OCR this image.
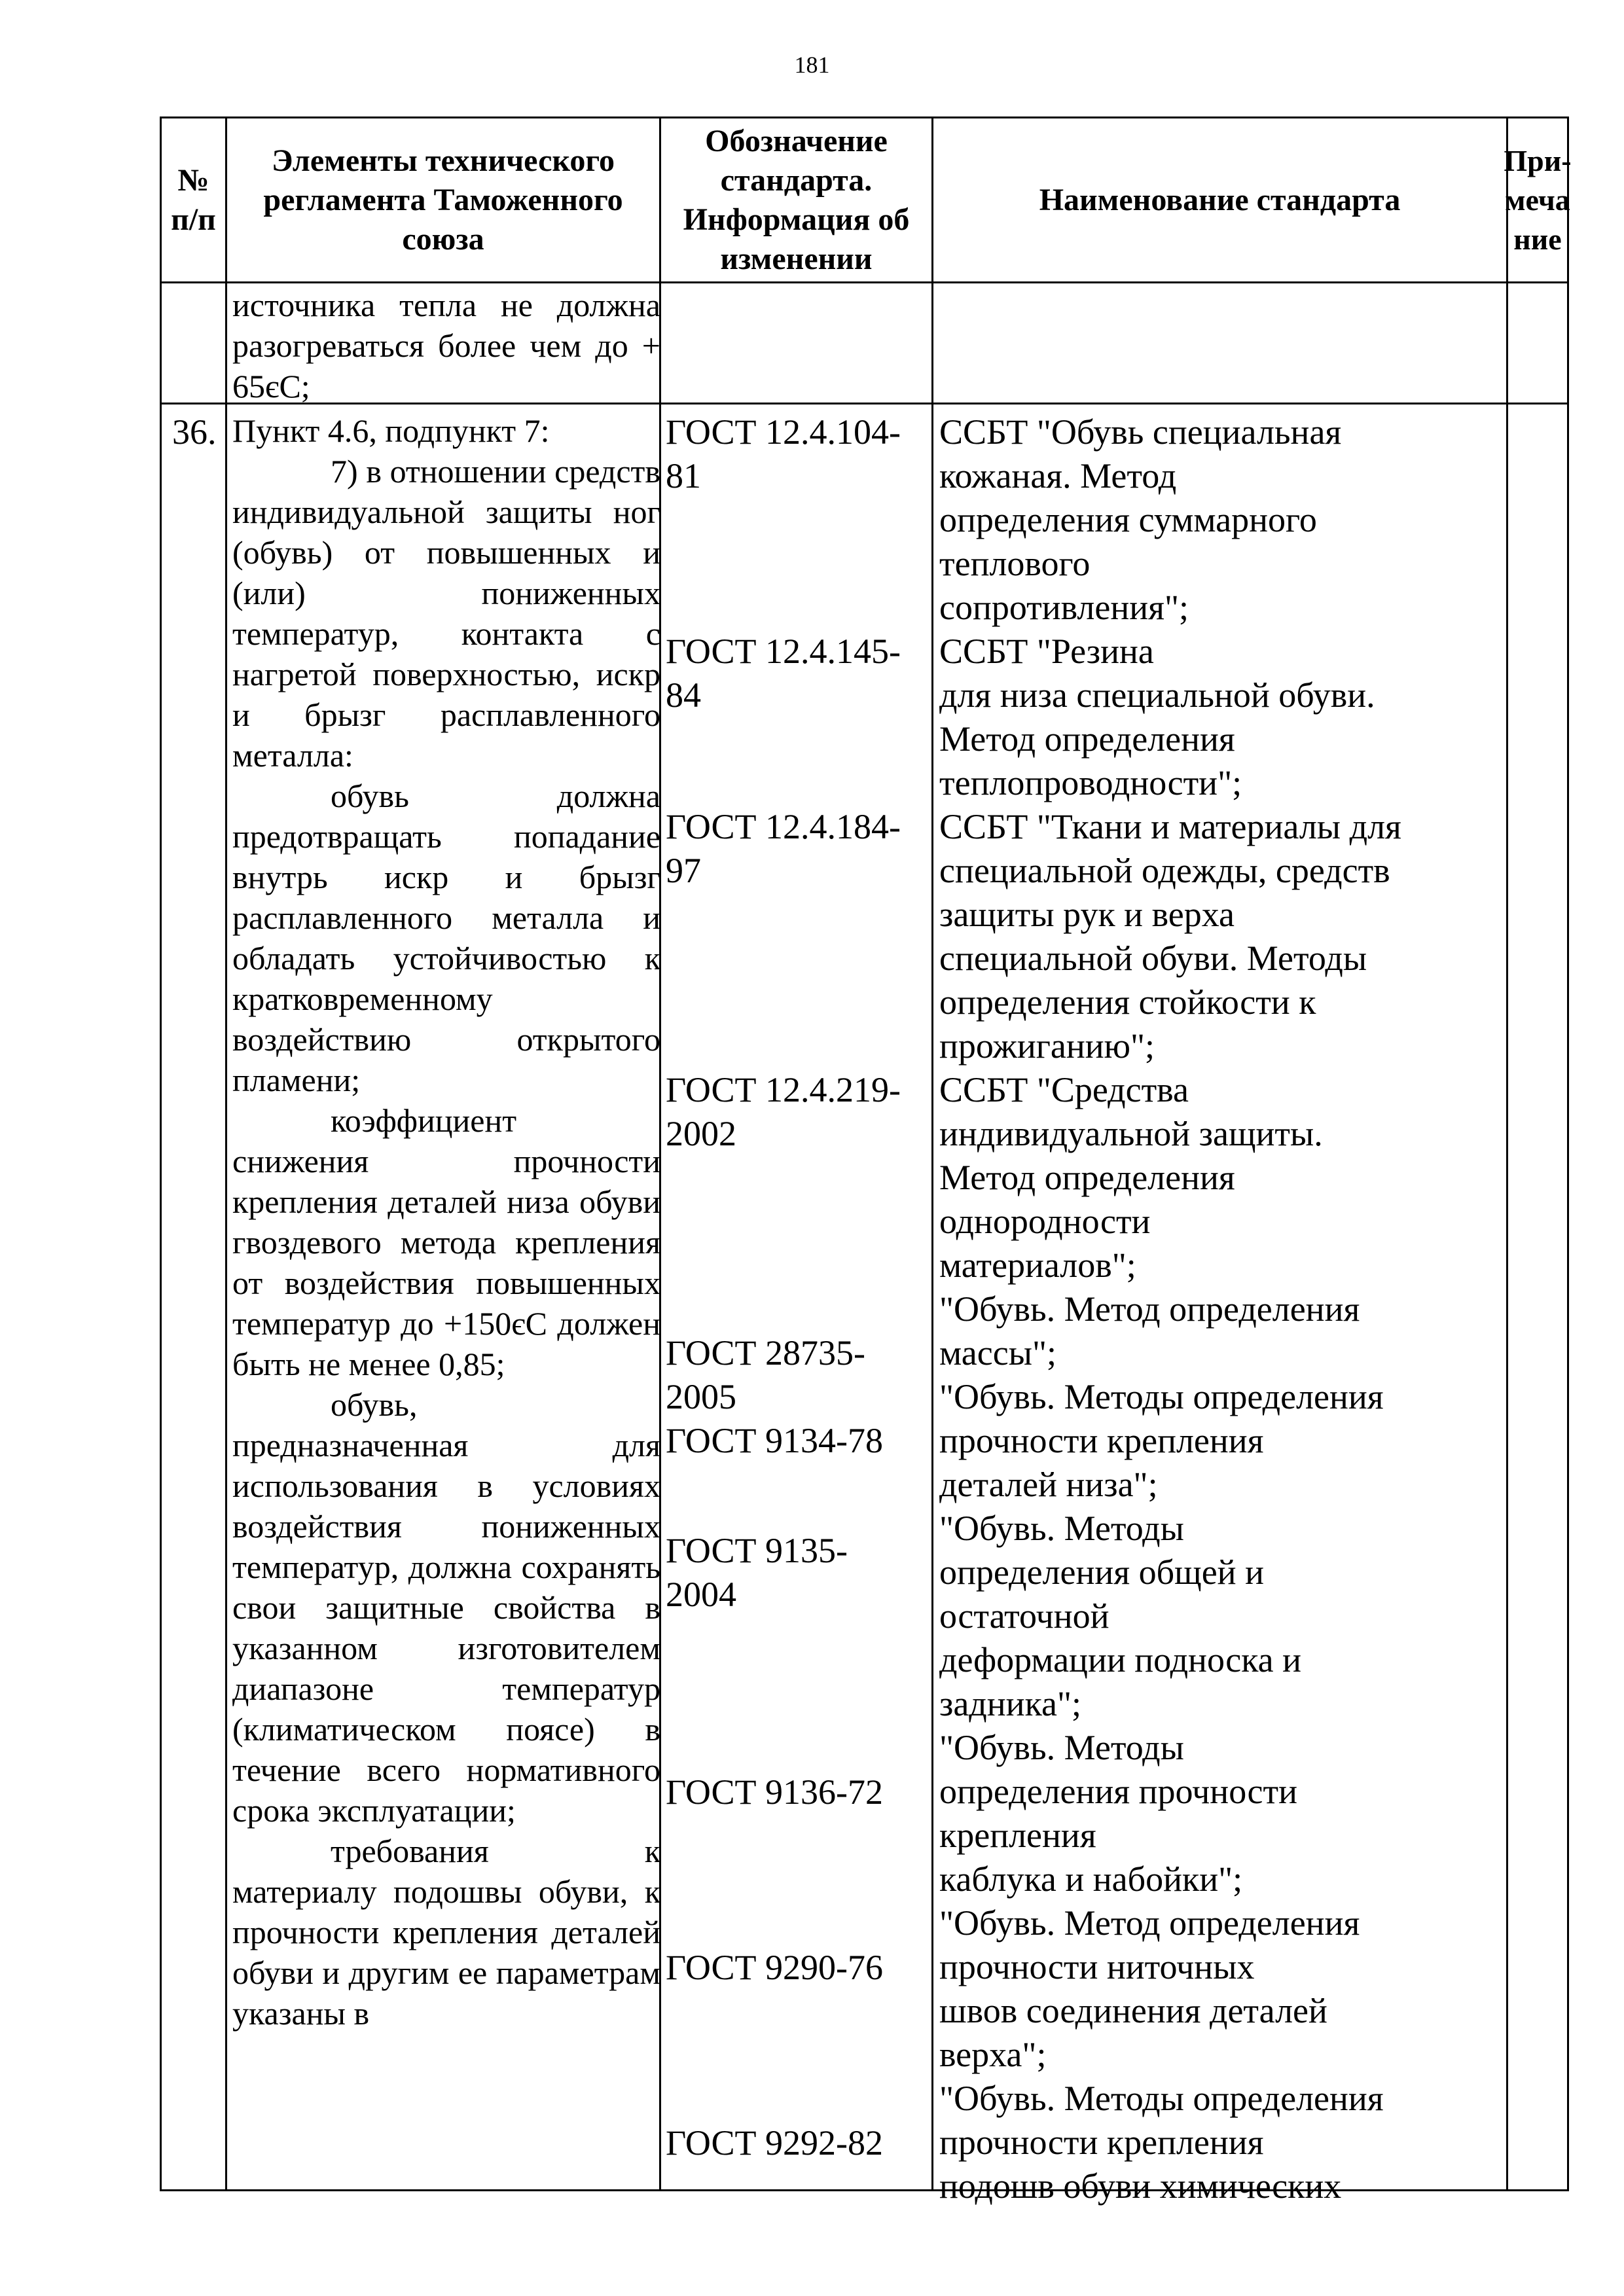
181
№ п/п
Элементы технического регламента Таможенного союза
Обозначение стандарта. Информация об изменении
Наименование стандарта
При- меча ние

источника тепла не должна разогреваться более чем до + 65єС;

36. Пункт 4.6, подпункт 7:

7) в отношении средств индивидуальной защиты ног (обувь) от повышенных и (или) пониженных температур, контакта с нагретой поверхностью, искр и брызг расплавленного металла:

обувь должна предотвращать попадание внутрь искр и брызг расплавленного металла и обладать устойчивостью к кратковременному воздействию открытого пламени;

коэффициент снижения прочности крепления деталей низа обуви гвоздевого метода крепления от воздействия повышенных температур до +150єС должен быть не менее 0,85;

обувь, предназначенная для использования в условиях воздействия пониженных температур, должна сохранять свои защитные свойства в указанном изготовителем диапазоне температур (климатическом поясе) в течение всего нормативного срока эксплуатации;

требования к материалу подошвы обуви, к прочности крепления деталей обуви и другим ее параметрам указаны в

ГОСТ 12.4.104-
81
ГОСТ 12.4.145-
84
ГОСТ 12.4.184-
97
ГОСТ 12.4.219-
2002
ГОСТ 28735-
2005
ГОСТ 9134-78
ГОСТ 9135-
2004
ГОСТ 9136-72
ГОСТ 9290-76
ГОСТ 9292-82
ССБТ "Обувь специальная
кожаная. Метод
определения суммарного
теплового
сопротивления";
ССБТ "Резина
для низа специальной обуви.
Метод определения
теплопроводности";
ССБТ "Ткани и материалы для
специальной одежды, средств
защиты рук и верха
специальной обуви. Методы
определения стойкости к
прожиганию";
ССБТ "Средства
индивидуальной защиты.
Метод определения
однородности
материалов";
"Обувь. Метод определения
массы";
"Обувь. Методы определения
прочности крепления
деталей низа";
"Обувь. Методы
определения общей и
остаточной
деформации подноска и
задника";
"Обувь. Методы
определения прочности
крепления
каблука и набойки";
"Обувь. Метод определения
прочности ниточных
швов соединения деталей
верха";
"Обувь. Методы определения
прочности крепления
подошв обуви химических
